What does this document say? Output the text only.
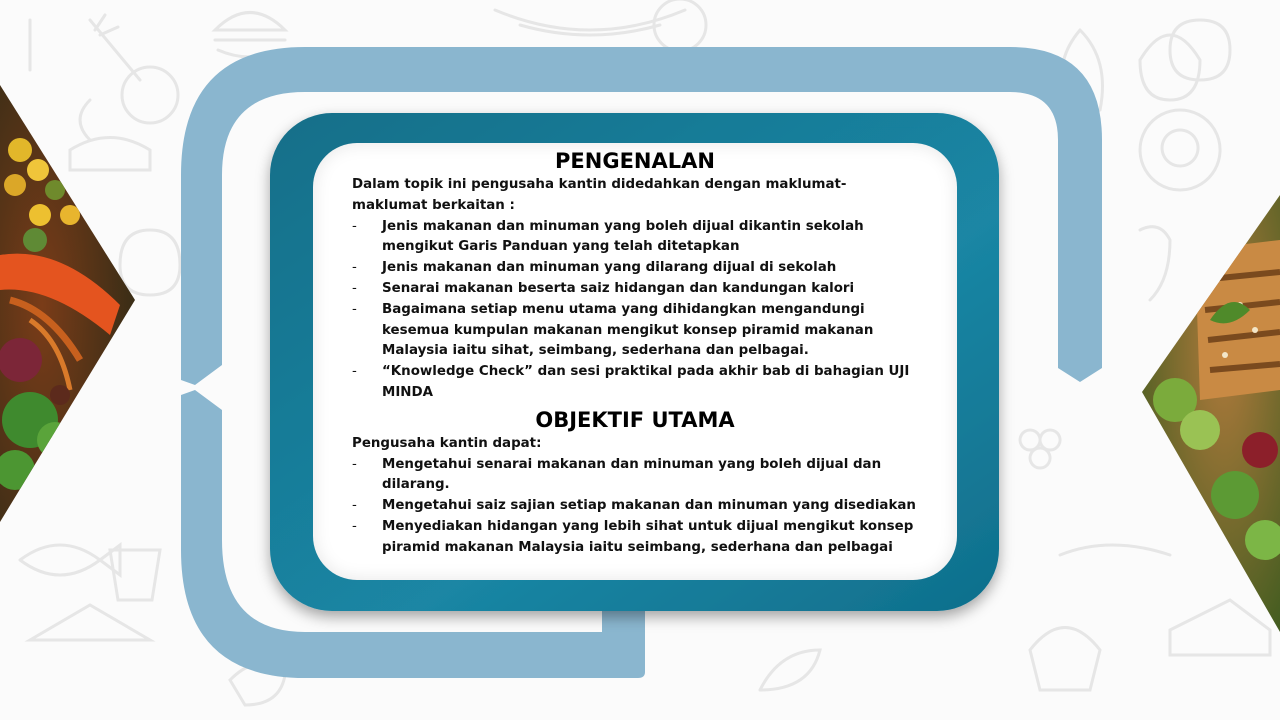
PENGENALAN

Dalam topik ini pengusaha kantin didedahkan dengan maklumat-maklumat berkaitan :

- Jenis makanan dan minuman yang boleh dijual dikantin sekolah mengikut Garis Panduan yang telah ditetapkan
- Jenis makanan dan minuman yang dilarang dijual di sekolah
- Senarai makanan beserta saiz hidangan dan kandungan kalori
- Bagaimana setiap menu utama yang dihidangkan mengandungi kesemua kumpulan makanan mengikut konsep piramid makanan Malaysia iaitu sihat, seimbang, sederhana dan pelbagai.
- “Knowledge Check” dan sesi praktikal pada akhir bab di bahagian UJI MINDA
OBJEKTIF UTAMA

Pengusaha kantin dapat:

- Mengetahui senarai makanan dan minuman yang boleh dijual dan dilarang.
- Mengetahui saiz sajian setiap makanan dan minuman yang disediakan
- Menyediakan hidangan yang lebih sihat untuk dijual mengikut konsep piramid makanan Malaysia iaitu seimbang, sederhana dan pelbagai
